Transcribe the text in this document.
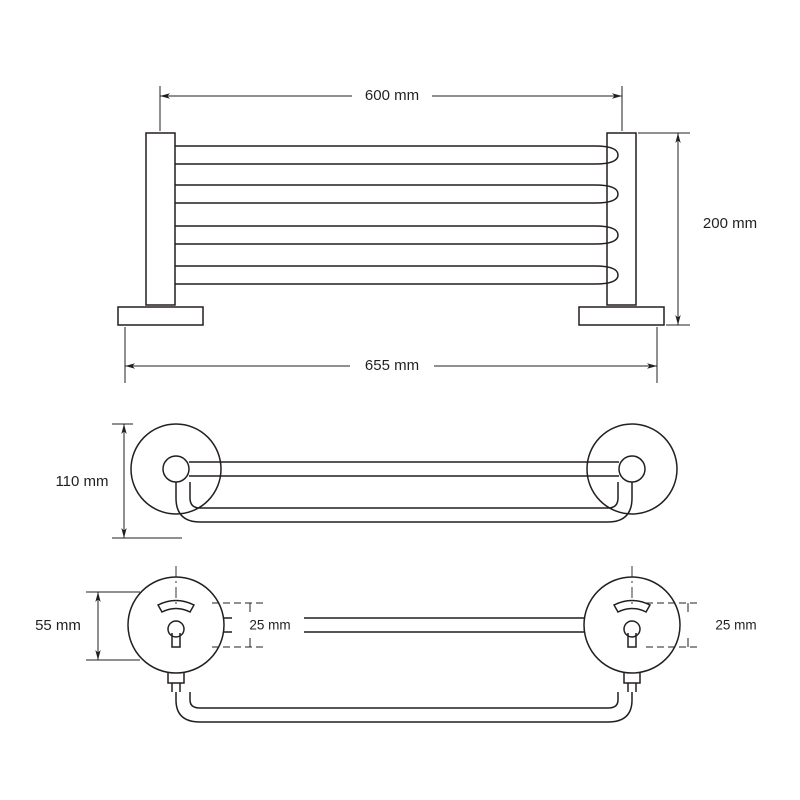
600 mm
200 mm
655 mm
110 mm
55 mm	25 mm	25 mm
